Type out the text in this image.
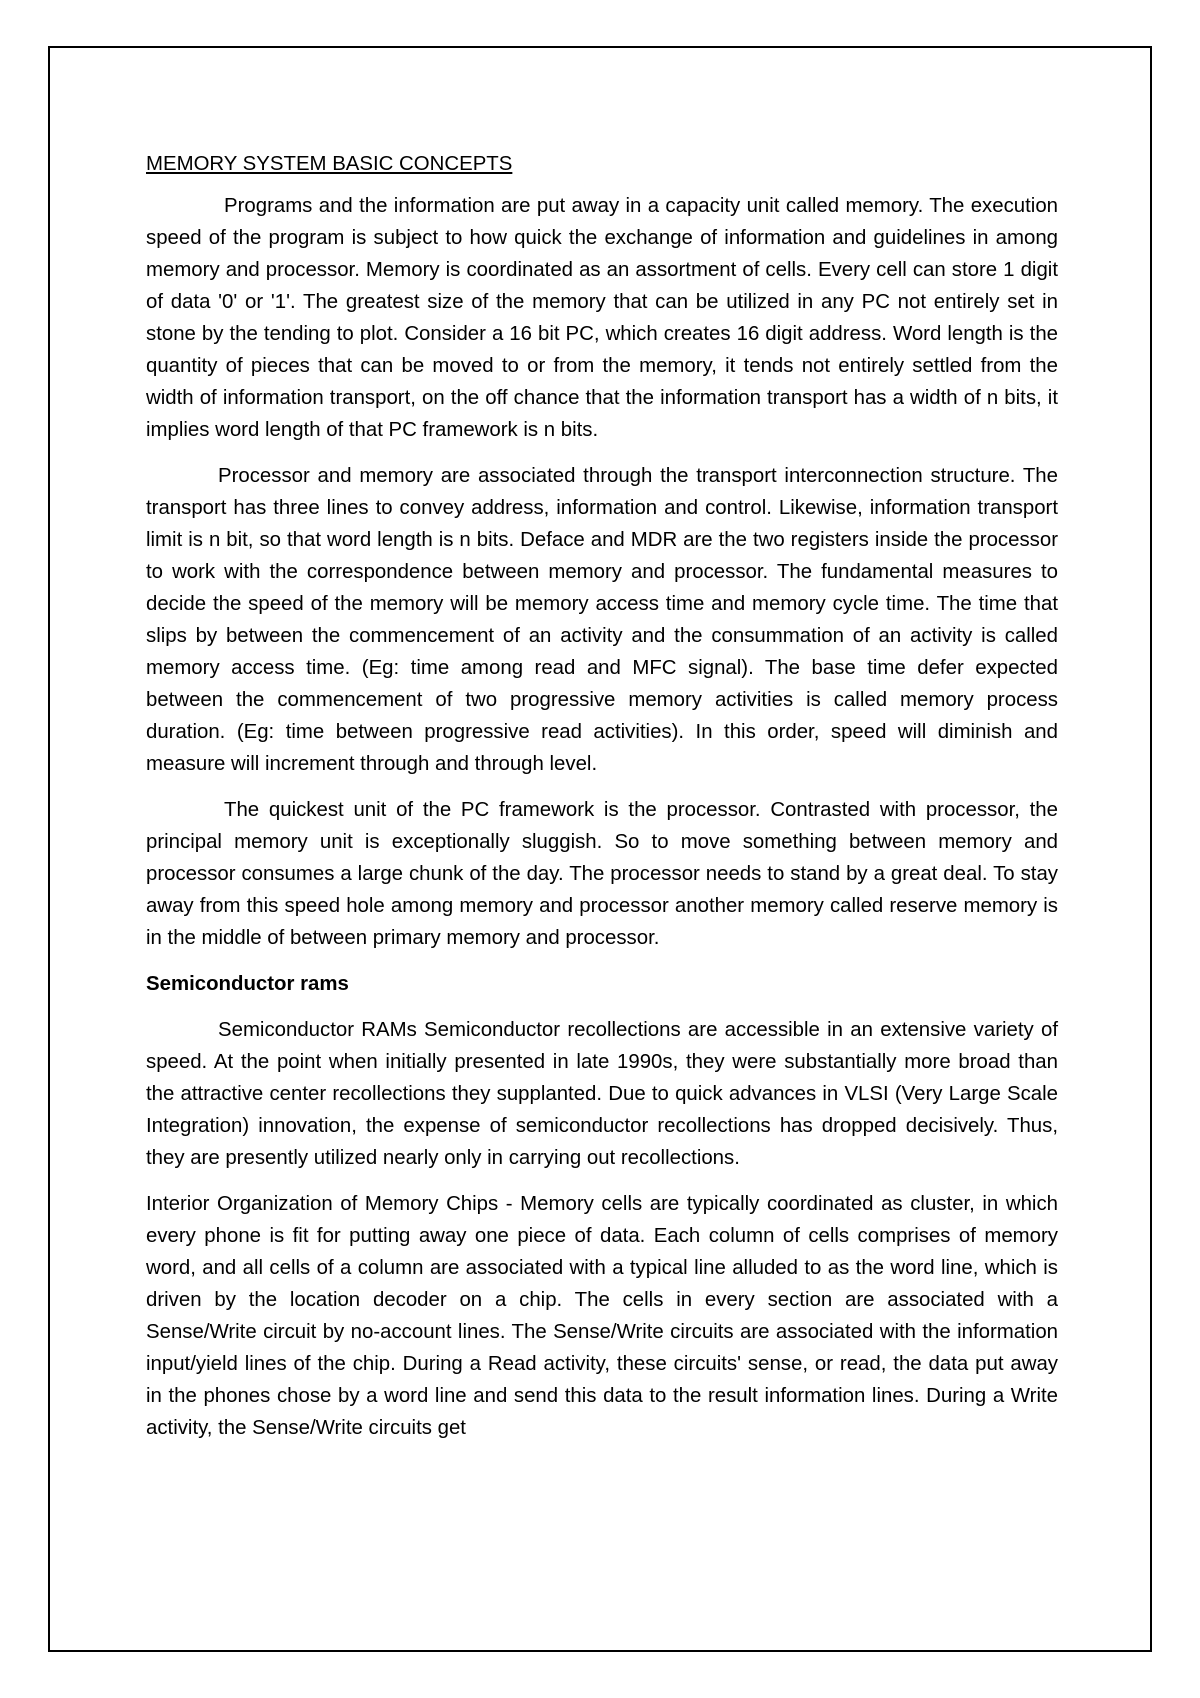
MEMORY SYSTEM BASIC CONCEPTS

Programs and the information are put away in a capacity unit called memory. The execution speed of the program is subject to how quick the exchange of information and guidelines in among memory and processor. Memory is coordinated as an assortment of cells. Every cell can store 1 digit of data '0' or '1'. The greatest size of the memory that can be utilized in any PC not entirely set in stone by the tending to plot. Consider a 16 bit PC, which creates 16 digit address. Word length is the quantity of pieces that can be moved to or from the memory, it tends not entirely settled from the width of information transport, on the off chance that the information transport has a width of n bits, it implies word length of that PC framework is n bits.

Processor and memory are associated through the transport interconnection structure. The transport has three lines to convey address, information and control. Likewise, information transport limit is n bit, so that word length is n bits. Deface and MDR are the two registers inside the processor to work with the correspondence between memory and processor. The fundamental measures to decide the speed of the memory will be memory access time and memory cycle time. The time that slips by between the commencement of an activity and the consummation of an activity is called memory access time. (Eg: time among read and MFC signal). The base time defer expected between the commencement of two progressive memory activities is called memory process duration. (Eg: time between progressive read activities). In this order, speed will diminish and measure will increment through and through level.

The quickest unit of the PC framework is the processor. Contrasted with processor, the principal memory unit is exceptionally sluggish. So to move something between memory and processor consumes a large chunk of the day. The processor needs to stand by a great deal. To stay away from this speed hole among memory and processor another memory called reserve memory is in the middle of between primary memory and processor.

Semiconductor rams

Semiconductor RAMs Semiconductor recollections are accessible in an extensive variety of speed. At the point when initially presented in late 1990s, they were substantially more broad than the attractive center recollections they supplanted. Due to quick advances in VLSI (Very Large Scale Integration) innovation, the expense of semiconductor recollections has dropped decisively. Thus, they are presently utilized nearly only in carrying out recollections.

Interior Organization of Memory Chips - Memory cells are typically coordinated as cluster, in which every phone is fit for putting away one piece of data. Each column of cells comprises of memory word, and all cells of a column are associated with a typical line alluded to as the word line, which is driven by the location decoder on a chip. The cells in every section are associated with a Sense/Write circuit by no-account lines. The Sense/Write circuits are associated with the information input/yield lines of the chip. During a Read activity, these circuits' sense, or read, the data put away in the phones chose by a word line and send this data to the result information lines. During a Write activity, the Sense/Write circuits get
